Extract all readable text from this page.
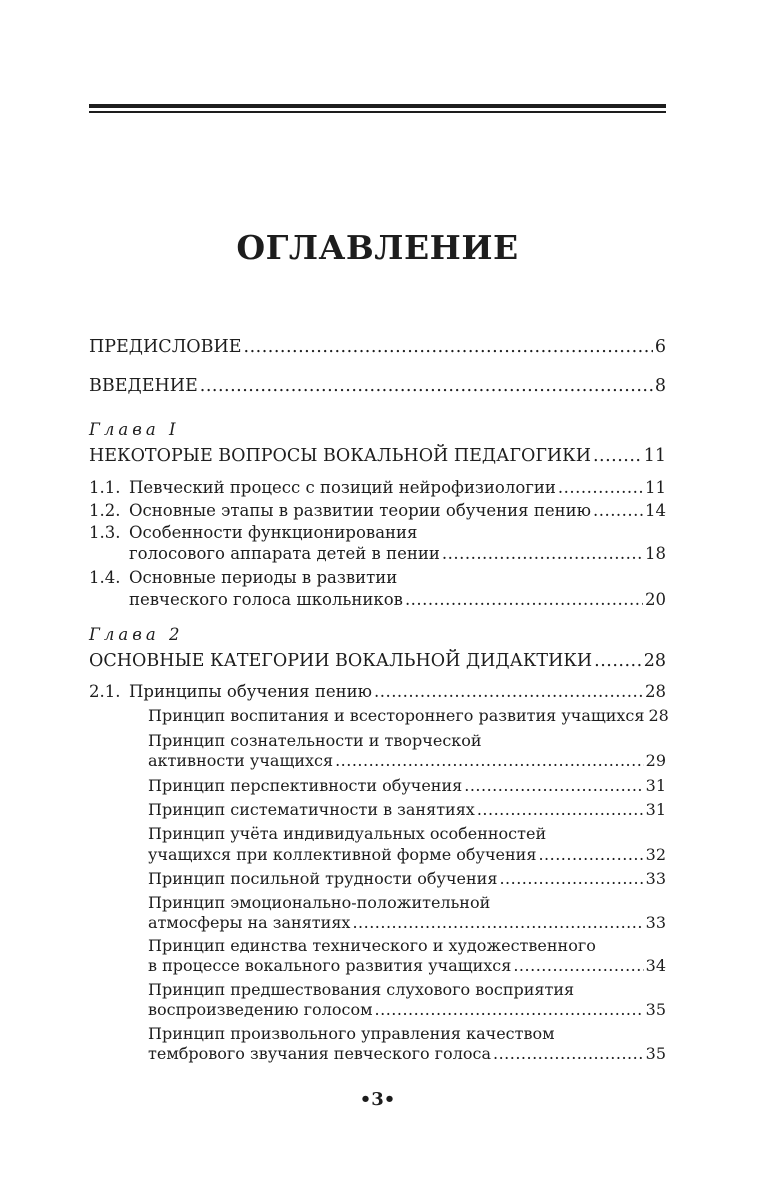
ОГЛАВЛЕНИЕ
ПРЕДИСЛОВИЕ .....	6
ВВЕДЕНИЕ .....	8
Глава I
НЕКОТОРЫЕ ВОПРОСЫ ВОКАЛЬНОЙ ПЕДАГОГИКИ .....	11
1.1. Певческий процесс с позиций нейрофизиологии .....	11
1.2. Основные этапы в развитии теории обучения пению .....	14
1.3. Особенности функционирования
голосового аппарата детей в пении .....	18
1.4. Основные периоды в развитии
певческого голоса школьников .....	20
Глава 2
ОСНОВНЫЕ КАТЕГОРИИ ВОКАЛЬНОЙ ДИДАКТИКИ .....	28
2.1. Принципы обучения пению .....	28
Принцип воспитания и всестороннего развития учащихся 28
Принцип сознательности и творческой
активности учащихся .....	29
Принцип перспективности обучения .....	31
Принцип систематичности в занятиях .....	31
Принцип учёта индивидуальных особенностей
учащихся при коллективной форме обучения .....	32
Принцип посильной трудности обучения .....	33
Принцип эмоционально-положительной
атмосферы на занятиях .....	33
Принцип единства технического и художественного
в процессе вокального развития учащихся .....	34
Принцип предшествования слухового восприятия
воспроизведению голосом .....	35
Принцип произвольного управления качеством
тембрового звучания певческого голоса .....	35
•3•
